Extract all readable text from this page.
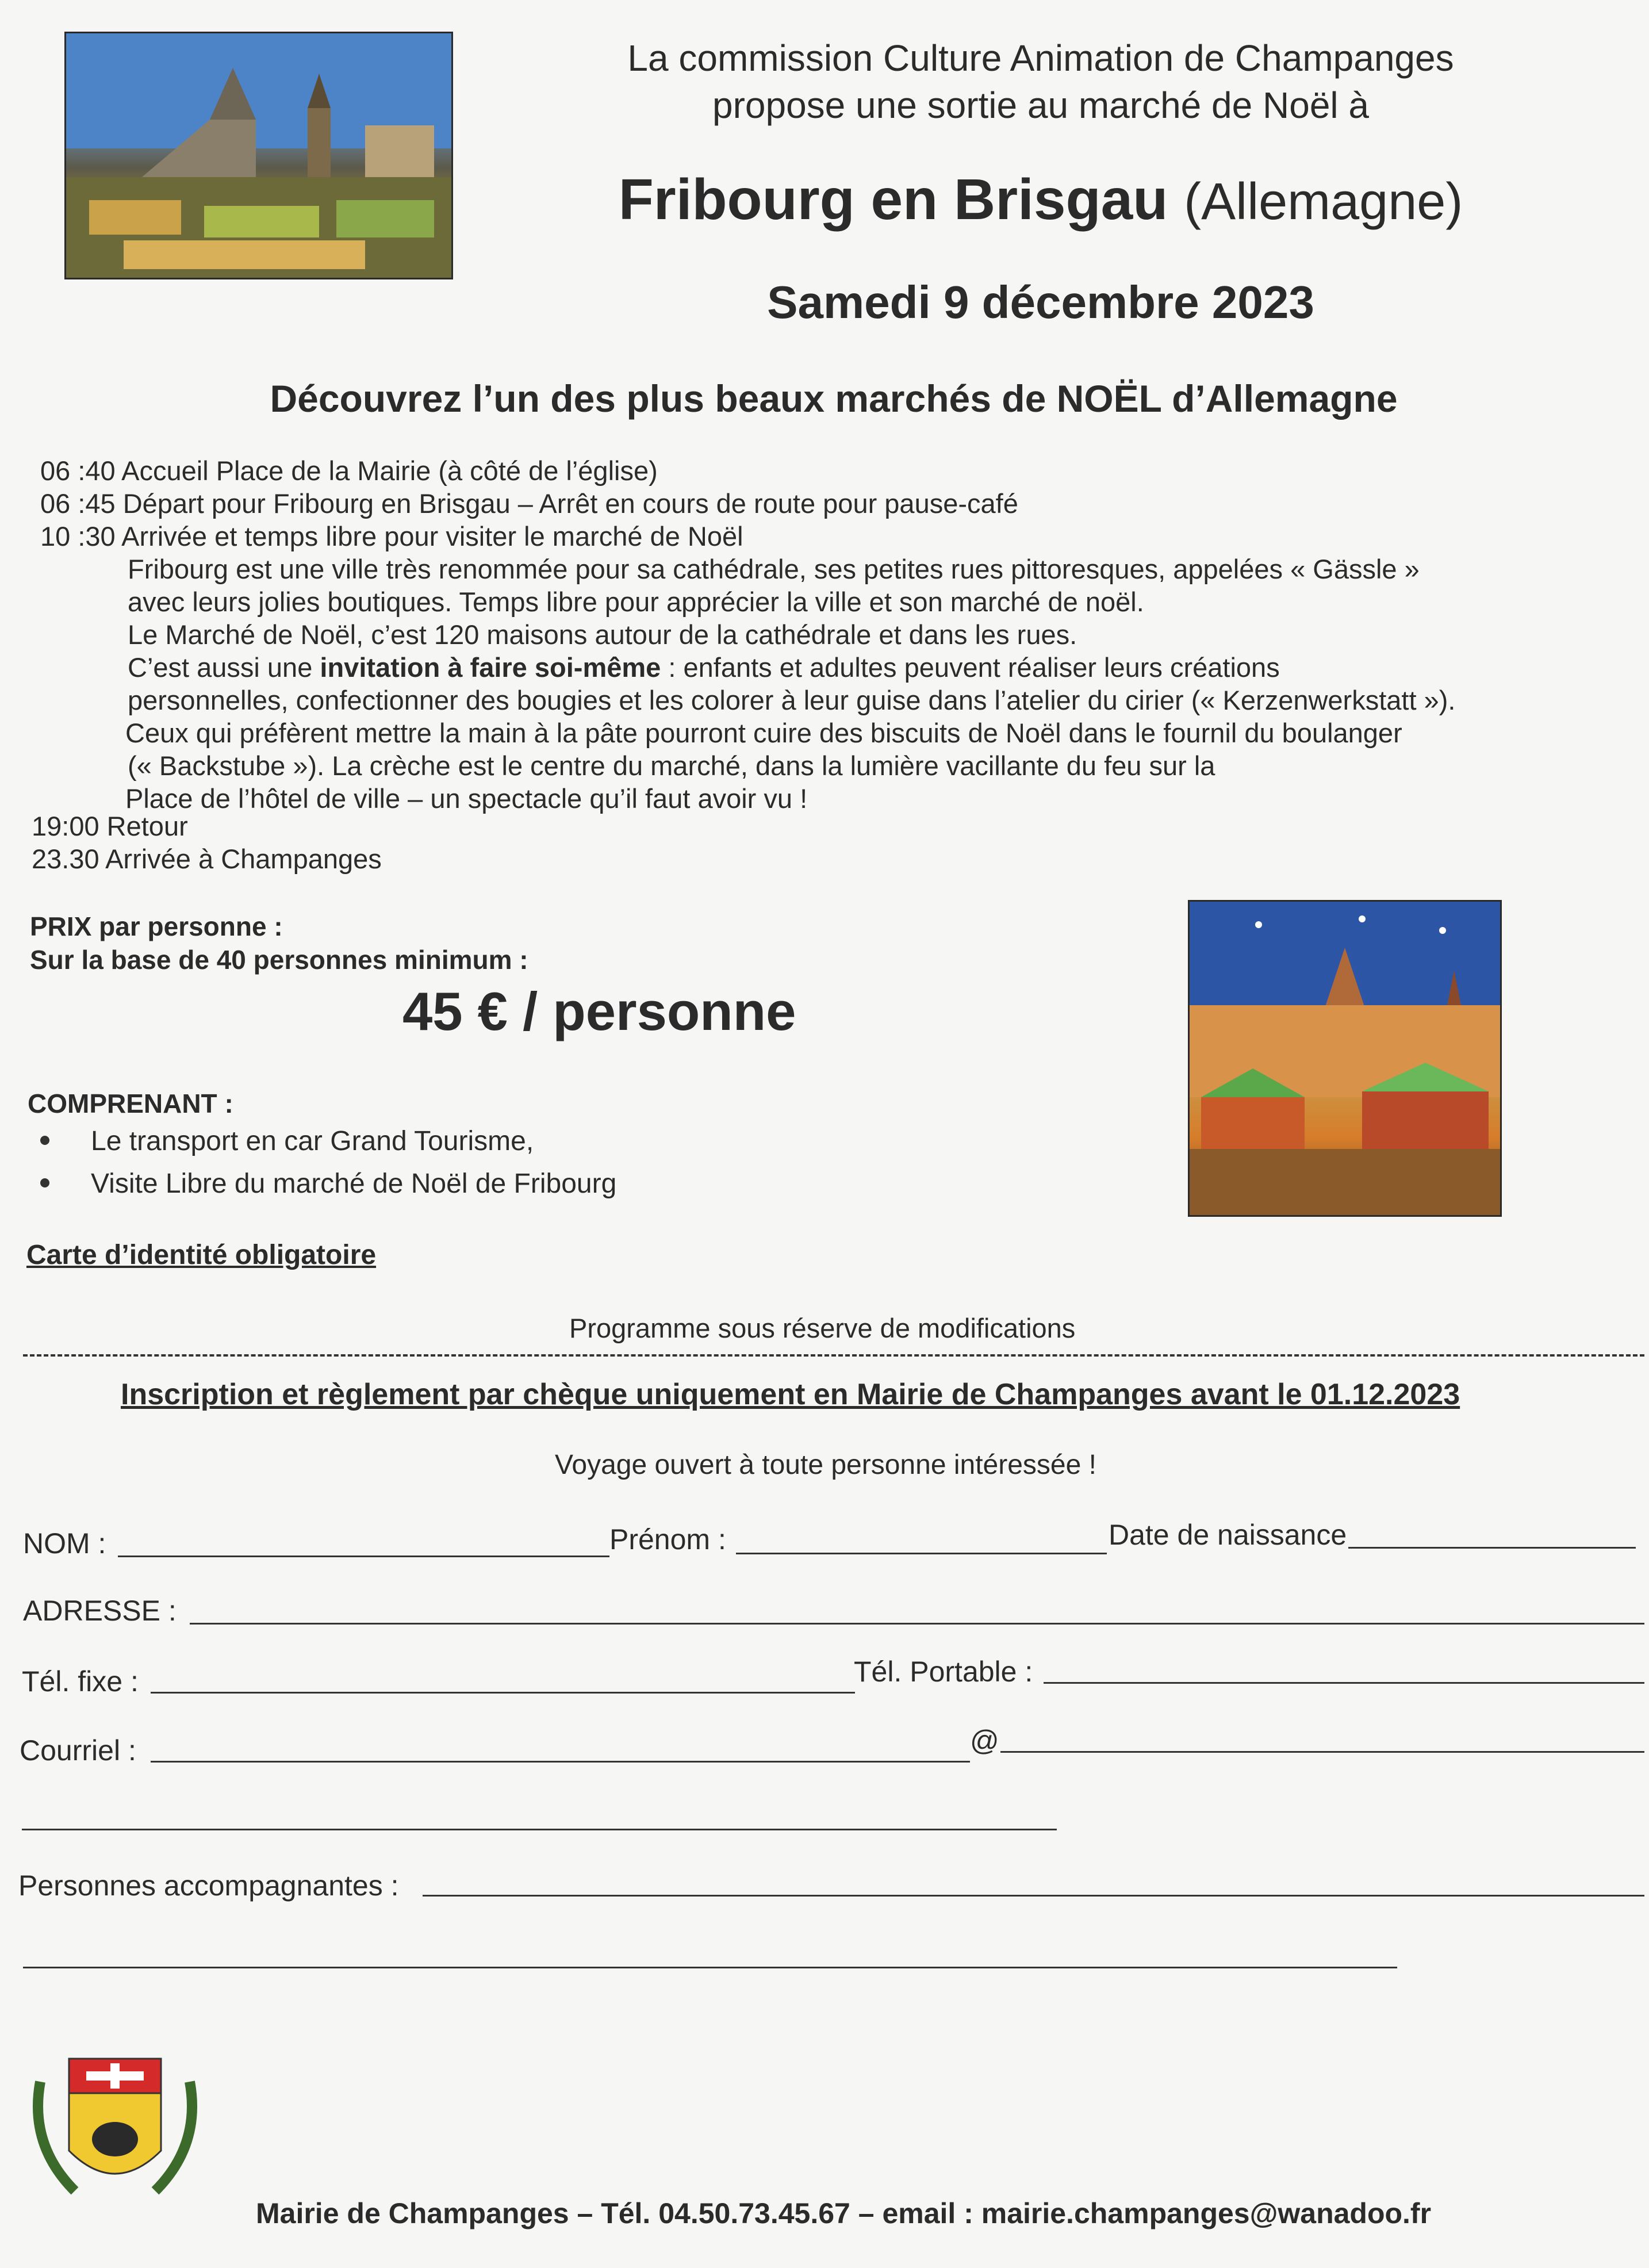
La commission Culture Animation de Champanges
propose une sortie au marché de Noël à
Fribourg en Brisgau (Allemagne)
Samedi 9 décembre 2023
Découvrez l’un des plus beaux marchés de NOËL d’Allemagne
06 :40 Accueil Place de la Mairie (à côté de l’église)
06 :45 Départ pour Fribourg en Brisgau – Arrêt en cours de route pour pause-café
10 :30 Arrivée et temps libre pour visiter le marché de Noël
Fribourg est une ville très renommée pour sa cathédrale, ses petites rues pittoresques, appelées « Gässle »
avec leurs jolies boutiques. Temps libre pour apprécier la ville et son marché de noël.
Le Marché de Noël, c’est 120 maisons autour de la cathédrale et dans les rues.
C’est aussi une invitation à faire soi-même : enfants et adultes peuvent réaliser leurs créations
personnelles, confectionner des bougies et les colorer à leur guise dans l’atelier du cirier (« Kerzenwerkstatt »).
Ceux qui préfèrent mettre la main à la pâte pourront cuire des biscuits de Noël dans le fournil du boulanger
(« Backstube »). La crèche est le centre du marché, dans la lumière vacillante du feu sur la
Place de l’hôtel de ville – un spectacle qu’il faut avoir vu !
19:00 Retour
23.30 Arrivée à Champanges
PRIX par personne :
Sur la base de 40 personnes minimum :
45 € / personne
COMPRENANT :
Le transport en car Grand Tourisme,
Visite Libre du marché de Noël de Fribourg
Carte d’identité obligatoire
Programme sous réserve de modifications
Inscription et règlement par chèque uniquement en Mairie de Champanges avant le 01.12.2023
Voyage ouvert à toute personne intéressée !
NOM :	Prénom :	Date de naissance
ADRESSE :
Tél. fixe :	Tél. Portable :
Courriel :	@
Personnes accompagnantes :
Mairie de Champanges – Tél. 04.50.73.45.67 – email : mairie.champanges@wanadoo.fr
